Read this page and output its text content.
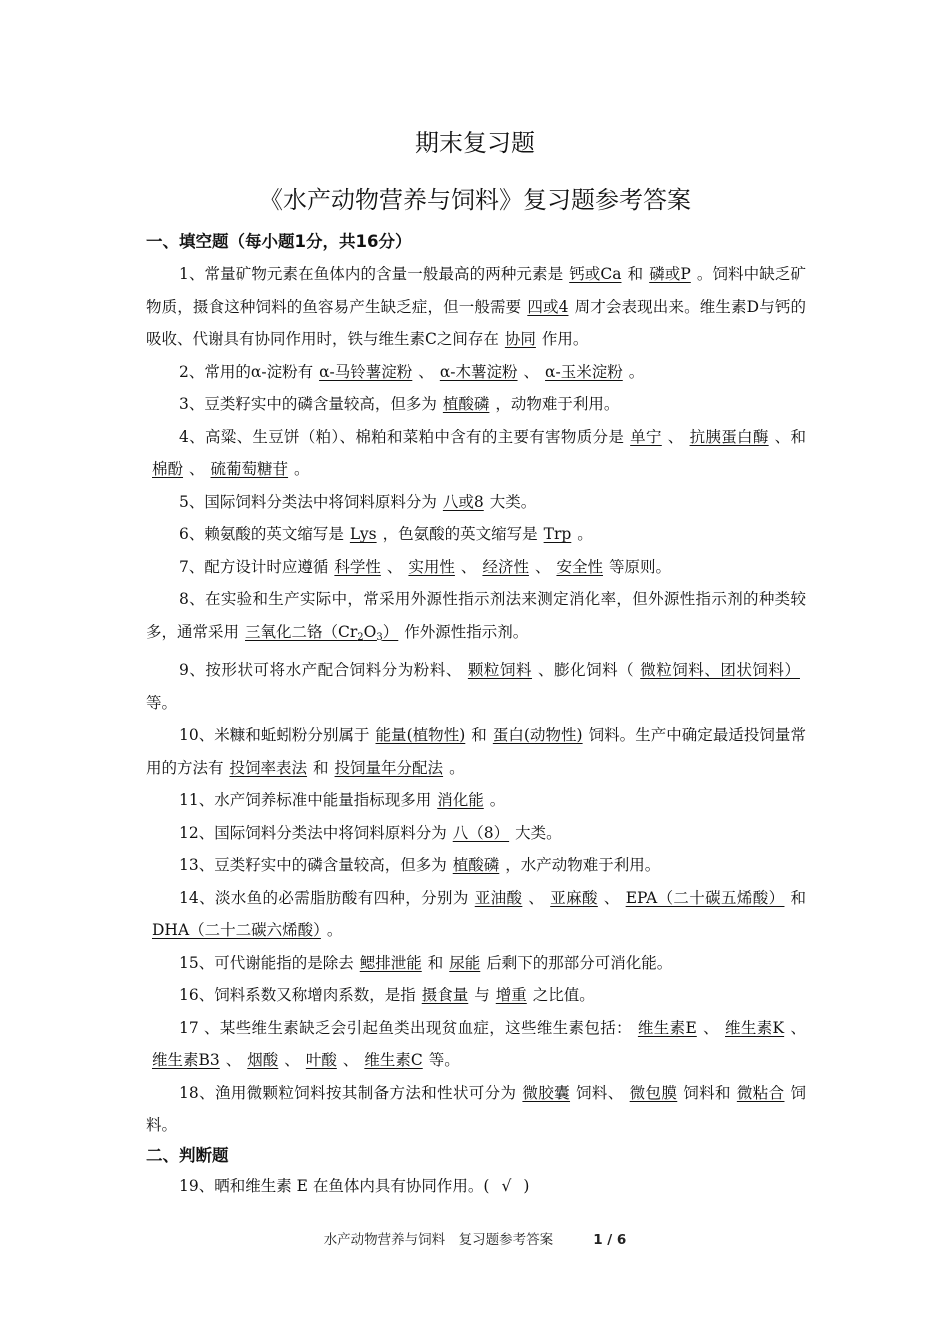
期末复习题
《水产动物营养与饲料》复习题参考答案
一、填空题（每小题1分，共16分）

1、常量矿物元素在鱼体内的含量一般最高的两种元素是 钙或Ca 和 磷或P 。饲料中缺乏矿物质，摄食这种饲料的鱼容易产生缺乏症，但一般需要 四或4 周才会表现出来。维生素D与钙的吸收、代谢具有协同作用时，铁与维生素C之间存在 协同 作用。

2、常用的α-淀粉有 α-马铃薯淀粉 、 α-木薯淀粉 、 α-玉米淀粉 。

3、豆类籽实中的磷含量较高，但多为 植酸磷 ，动物难于利用。

4、高粱、生豆饼（粕）、棉粕和菜粕中含有的主要有害物质分是 单宁 、 抗胰蛋白酶 、和棉酚 、 硫葡萄糖苷 。

5、国际饲料分类法中将饲料原料分为 八或8 大类。

6、赖氨酸的英文缩写是 Lys ，色氨酸的英文缩写是 Trp 。

7、配方设计时应遵循 科学性 、 实用性 、 经济性 、 安全性 等原则。

8、在实验和生产实际中，常采用外源性指示剂法来测定消化率，但外源性指示剂的种类较多，通常采用 三氧化二铬$(Cr_2O_3)$ 作外源性指示剂。

9、按形状可将水产配合饲料分为粉料、 颗粒饲料 、膨化饲料（ 微粒饲料、团状饲料）等。

10、米糠和蚯蚓粉分别属于 能量(植物性) 和 蛋白(动物性) 饲料。生产中确定最适投饲量常用的方法有 投饲率表法 和 投饲量年分配法 。

11、水产饲养标准中能量指标现多用 消化能 。

12、国际饲料分类法中将饲料原料分为 八（8） 大类。

13、豆类籽实中的磷含量较高，但多为 植酸磷 ，水产动物难于利用。

14、淡水鱼的必需脂肪酸有四种，分别为 亚油酸 、 亚麻酸 、 EPA（二十碳五烯酸） 和DHA（二十二碳六烯酸） 。

15、可代谢能指的是除去 鳃排泄能 和 尿能 后剩下的那部分可消化能。

16、饲料系数又称增肉系数，是指 摄食量 与 增重 之比值。

17 、某些维生素缺乏会引起鱼类出现贫血症，这些维生素包括： 维生素E 、 维生素K 、维生素B3 、 烟酸 、 叶酸 、 维生素C 等。

18、渔用微颗粒饲料按其制备方法和性状可分为 微胶囊 饲料、 微包膜 饲料和 微粘合 饲料。

二、判断题

19、晒和维生素 E 在鱼体内具有协同作用。( √ )

水产动物营养与饲料　复习题参考答案	1 / 6
